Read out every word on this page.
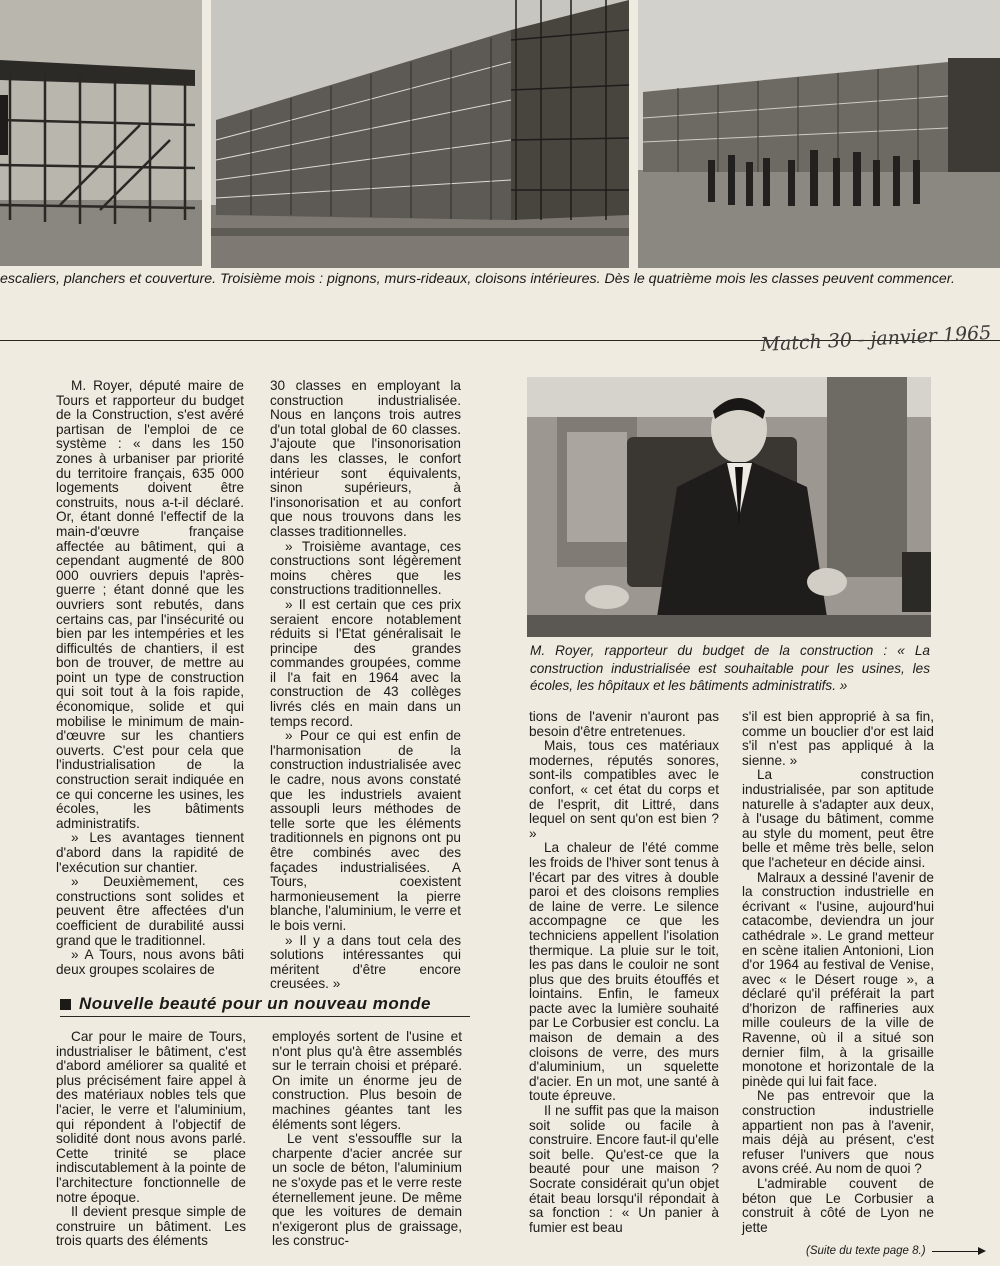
escaliers, planchers et couverture. Troisième mois : pignons, murs-rideaux, cloisons intérieures. Dès le quatrième mois les classes peuvent commencer.
Match 30 - janvier 1965

M. Royer, député maire de Tours et rapporteur du budget de la Construction, s'est avéré partisan de l'emploi de ce système : « dans les 150 zones à urbaniser par priorité du territoire français, 635 000 logements doivent être construits, nous a-t-il déclaré. Or, étant donné l'effectif de la main-d'œuvre française affectée au bâtiment, qui a cependant augmenté de 800 000 ouvriers depuis l'après-guerre ; étant donné que les ouvriers sont rebutés, dans certains cas, par l'insécurité ou bien par les intempéries et les difficultés de chantiers, il est bon de trouver, de mettre au point un type de construction qui soit tout à la fois rapide, économique, solide et qui mobilise le minimum de main-d'œuvre sur les chantiers ouverts. C'est pour cela que l'industrialisation de la construction serait indiquée en ce qui concerne les usines, les écoles, les bâtiments administratifs.

» Les avantages tiennent d'abord dans la rapidité de l'exécution sur chantier.

» Deuxièmement, ces constructions sont solides et peuvent être affectées d'un coefficient de durabilité aussi grand que le traditionnel.

» A Tours, nous avons bâti deux groupes scolaires de

30 classes en employant la construction industrialisée. Nous en lançons trois autres d'un total global de 60 classes. J'ajoute que l'insonorisation dans les classes, le confort intérieur sont équivalents, sinon supérieurs, à l'insonorisation et au confort que nous trouvons dans les classes traditionnelles.

» Troisième avantage, ces constructions sont légèrement moins chères que les constructions traditionnelles.

» Il est certain que ces prix seraient encore notablement réduits si l'Etat généralisait le principe des grandes commandes groupées, comme il l'a fait en 1964 avec la construction de 43 collèges livrés clés en main dans un temps record.

» Pour ce qui est enfin de l'harmonisation de la construction industrialisée avec le cadre, nous avons constaté que les industriels avaient assoupli leurs méthodes de telle sorte que les éléments traditionnels en pignons ont pu être combinés avec des façades industrialisées. A Tours, coexistent harmonieusement la pierre blanche, l'aluminium, le verre et le bois verni.

» Il y a dans tout cela des solutions intéressantes qui méritent d'être encore creusées. »

M. Royer, rapporteur du budget de la construction : « La construction industrialisée est souhaitable pour les usines, les écoles, les hôpitaux et les bâtiments administratifs. »
Nouvelle beauté pour un nouveau monde

Car pour le maire de Tours, industrialiser le bâtiment, c'est d'abord améliorer sa qualité et plus précisément faire appel à des matériaux nobles tels que l'acier, le verre et l'aluminium, qui répondent à l'objectif de solidité dont nous avons parlé. Cette trinité se place indiscutablement à la pointe de l'architecture fonctionnelle de notre époque.

Il devient presque simple de construire un bâtiment. Les trois quarts des éléments

employés sortent de l'usine et n'ont plus qu'à être assemblés sur le terrain choisi et préparé. On imite un énorme jeu de construction. Plus besoin de machines géantes tant les éléments sont légers.

Le vent s'essouffle sur la charpente d'acier ancrée sur un socle de béton, l'aluminium ne s'oxyde pas et le verre reste éternellement jeune. De même que les voitures de demain n'exigeront plus de graissage, les construc-

tions de l'avenir n'auront pas besoin d'être entretenues.

Mais, tous ces matériaux modernes, réputés sonores, sont-ils compatibles avec le confort, « cet état du corps et de l'esprit, dit Littré, dans lequel on sent qu'on est bien ? »

La chaleur de l'été comme les froids de l'hiver sont tenus à l'écart par des vitres à double paroi et des cloisons remplies de laine de verre. Le silence accompagne ce que les techniciens appellent l'isolation thermique. La pluie sur le toit, les pas dans le couloir ne sont plus que des bruits étouffés et lointains. Enfin, le fameux pacte avec la lumière souhaité par Le Corbusier est conclu. La maison de demain a des cloisons de verre, des murs d'aluminium, un squelette d'acier. En un mot, une santé à toute épreuve.

Il ne suffit pas que la maison soit solide ou facile à construire. Encore faut-il qu'elle soit belle. Qu'est-ce que la beauté pour une maison ? Socrate considérait qu'un objet était beau lorsqu'il répondait à sa fonction : « Un panier à fumier est beau

s'il est bien approprié à sa fin, comme un bouclier d'or est laid s'il n'est pas appliqué à la sienne. »

La construction industrialisée, par son aptitude naturelle à s'adapter aux deux, à l'usage du bâtiment, comme au style du moment, peut être belle et même très belle, selon que l'acheteur en décide ainsi.

Malraux a dessiné l'avenir de la construction industrielle en écrivant « l'usine, aujourd'hui catacombe, deviendra un jour cathédrale ». Le grand metteur en scène italien Antonioni, Lion d'or 1964 au festival de Venise, avec « le Désert rouge », a déclaré qu'il préférait la part d'horizon de raffineries aux mille couleurs de la ville de Ravenne, où il a situé son dernier film, à la grisaille monotone et horizontale de la pinède qui lui fait face.

Ne pas entrevoir que la construction industrielle appartient non pas à l'avenir, mais déjà au présent, c'est refuser l'univers que nous avons créé. Au nom de quoi ?

L'admirable couvent de béton que Le Corbusier a construit à côté de Lyon ne jette

(Suite du texte page 8.)
